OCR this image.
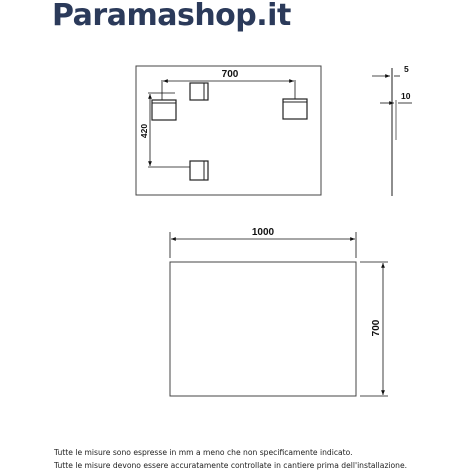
Paramashop.it
700
420
5
10
1000
700
Tutte le misure sono espresse in mm a meno che non specificamente indicato.
Tutte le misure devono essere accuratamente controllate in cantiere prima dell'installazione.
